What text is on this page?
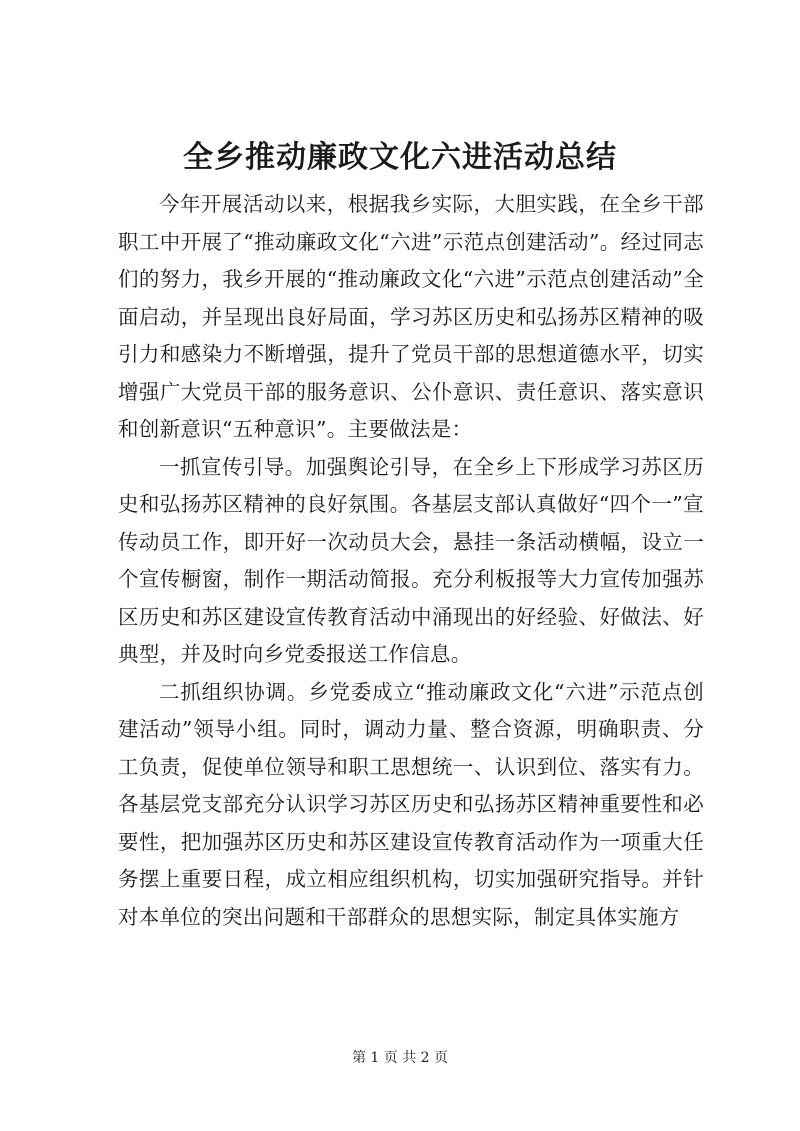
全乡推动廉政文化六进活动总结

今年开展活动以来，根据我乡实际，大胆实践，在全乡干部职工中开展了“推动廉政文化“六进”示范点创建活动”。经过同志们的努力，我乡开展的“推动廉政文化“六进”示范点创建活动”全面启动，并呈现出良好局面，学习苏区历史和弘扬苏区精神的吸引力和感染力不断增强，提升了党员干部的思想道德水平，切实增强广大党员干部的服务意识、公仆意识、责任意识、落实意识和创新意识“五种意识”。主要做法是：

一抓宣传引导。加强舆论引导，在全乡上下形成学习苏区历史和弘扬苏区精神的良好氛围。各基层支部认真做好“四个一”宣传动员工作，即开好一次动员大会，悬挂一条活动横幅，设立一个宣传橱窗，制作一期活动简报。充分利板报等大力宣传加强苏区历史和苏区建设宣传教育活动中涌现出的好经验、好做法、好典型，并及时向乡党委报送工作信息。

二抓组织协调。乡党委成立“推动廉政文化“六进”示范点创建活动”领导小组。同时，调动力量、整合资源，明确职责、分工负责，促使单位领导和职工思想统一、认识到位、落实有力。各基层党支部充分认识学习苏区历史和弘扬苏区精神重要性和必要性，把加强苏区历史和苏区建设宣传教育活动作为一项重大任务摆上重要日程，成立相应组织机构，切实加强研究指导。并针对本单位的突出问题和干部群众的思想实际，制定具体实施方

第 1 页 共 2 页
